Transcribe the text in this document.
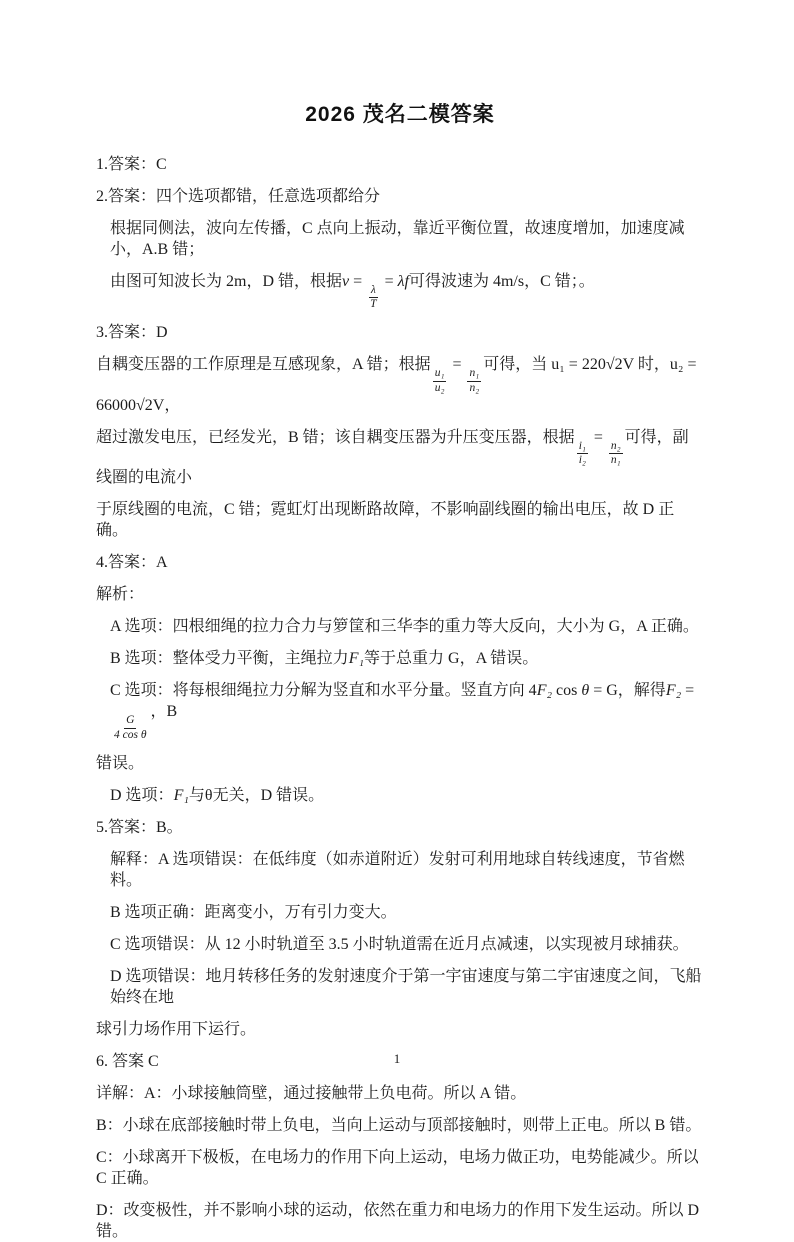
2026 茂名二模答案

1.答案：C

2.答案：四个选项都错，任意选项都给分

根据同侧法，波向左传播，C 点向上振动，靠近平衡位置，故速度增加，加速度减小，A.B 错；

由图可知波长为 2m，D 错，根据v =
$\frac{\lambda}{T}$
= λf可得波速为 4m/s，C 错；。

3.答案：D

自耦变压器的工作原理是互感现象，A 错；根据
$\frac{\text{u₁}}{\text{u₂}}$
=
$\frac{\text{n₁}}{\text{n₂}}$
可得，当 u₁ = 220√2V 时，u₂ = 66000√2V，

超过激发电压，已经发光，B 错；该自耦变压器为升压变压器，根据
$\frac{\text{i₁}}{\text{i₂}}$
=
$\frac{\text{n₂}}{\text{n₁}}$
可得，副线圈的电流小

于原线圈的电流，C 错；霓虹灯出现断路故障，不影响副线圈的输出电压，故 D 正确。

4.答案：A

解析：

A 选项：四根细绳的拉力合力与箩筐和三华李的重力等大反向，大小为 G，A 正确。

B 选项：整体受力平衡，主绳拉力F₁等于总重力 G，A 错误。

C 选项：将每根细绳拉力分解为竖直和水平分量。竖直方向 4F₂ cos θ = G，解得F₂ =
$\frac{G}{\text{4 cos θ}}$
，B

错误。

D 选项：F₁与θ无关，D 错误。

5.答案：B。

解释：A 选项错误：在低纬度（如赤道附近）发射可利用地球自转线速度，节省燃料。

B 选项正确：距离变小，万有引力变大。

C 选项错误：从 12 小时轨道至 3.5 小时轨道需在近月点减速，以实现被月球捕获。

D 选项错误：地月转移任务的发射速度介于第一宇宙速度与第二宇宙速度之间，飞船始终在地

球引力场作用下运行。

6. 答案 C

详解：A：小球接触筒壁，通过接触带上负电荷。所以 A 错。

B：小球在底部接触时带上负电，当向上运动与顶部接触时，则带上正电。所以 B 错。

C：小球离开下极板，在电场力的作用下向上运动，电场力做正功，电势能减少。所以 C 正确。

D：改变极性，并不影响小球的运动，依然在重力和电场力的作用下发生运动。所以 D 错。

1
